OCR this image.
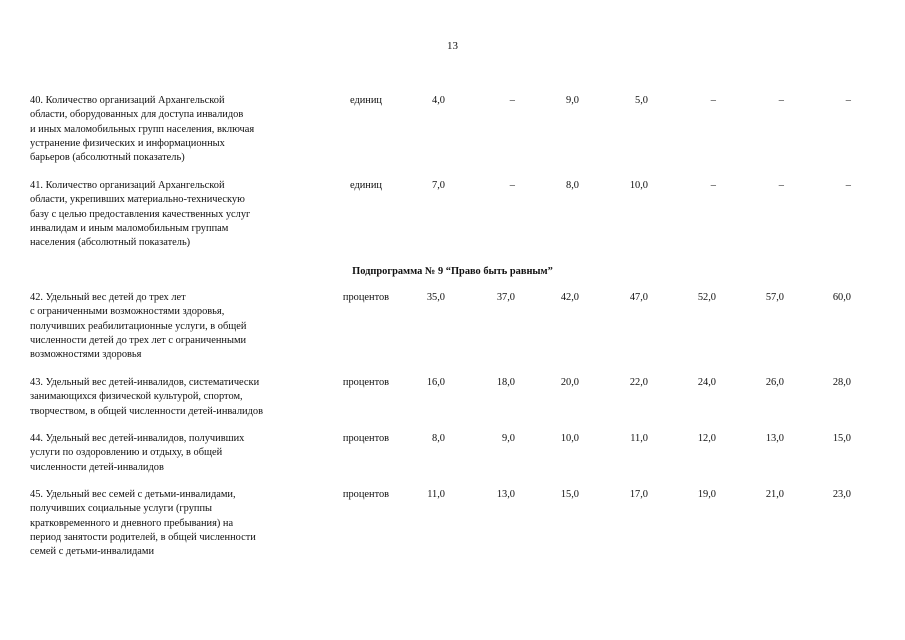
13
40. Количество организаций Архангельской
области, оборудованных для доступа инвалидов
и иных маломобильных групп населения, включая
устранение физических и информационных
барьеров (абсолютный показатель)
единиц	4,0	–	9,0	5,0	–	–	–
41. Количество организаций Архангельской
области, укрепивших материально-техническую
базу с целью предоставления качественных услуг
инвалидам и иным маломобильным группам
населения (абсолютный показатель)
единиц	7,0	–	8,0	10,0	–	–	–
Подпрограмма № 9 “Право быть равным”
42. Удельный вес детей до трех лет
с ограниченными возможностями здоровья,
получивших реабилитационные услуги, в общей
численности детей до трех лет с ограниченными
возможностями здоровья
процентов	35,0	37,0	42,0	47,0	52,0	57,0	60,0
43. Удельный вес детей-инвалидов, систематически
занимающихся физической культурой, спортом,
творчеством, в общей численности детей-инвалидов
процентов	16,0	18,0	20,0	22,0	24,0	26,0	28,0
44. Удельный вес детей-инвалидов, получивших
услуги по оздоровлению и отдыху, в общей
численности детей-инвалидов
процентов	8,0	9,0	10,0	11,0	12,0	13,0	15,0
45. Удельный вес семей с детьми-инвалидами,
получивших социальные услуги (группы
кратковременного и дневного пребывания) на
период занятости родителей, в общей численности
семей с детьми-инвалидами
процентов	11,0	13,0	15,0	17,0	19,0	21,0	23,0
